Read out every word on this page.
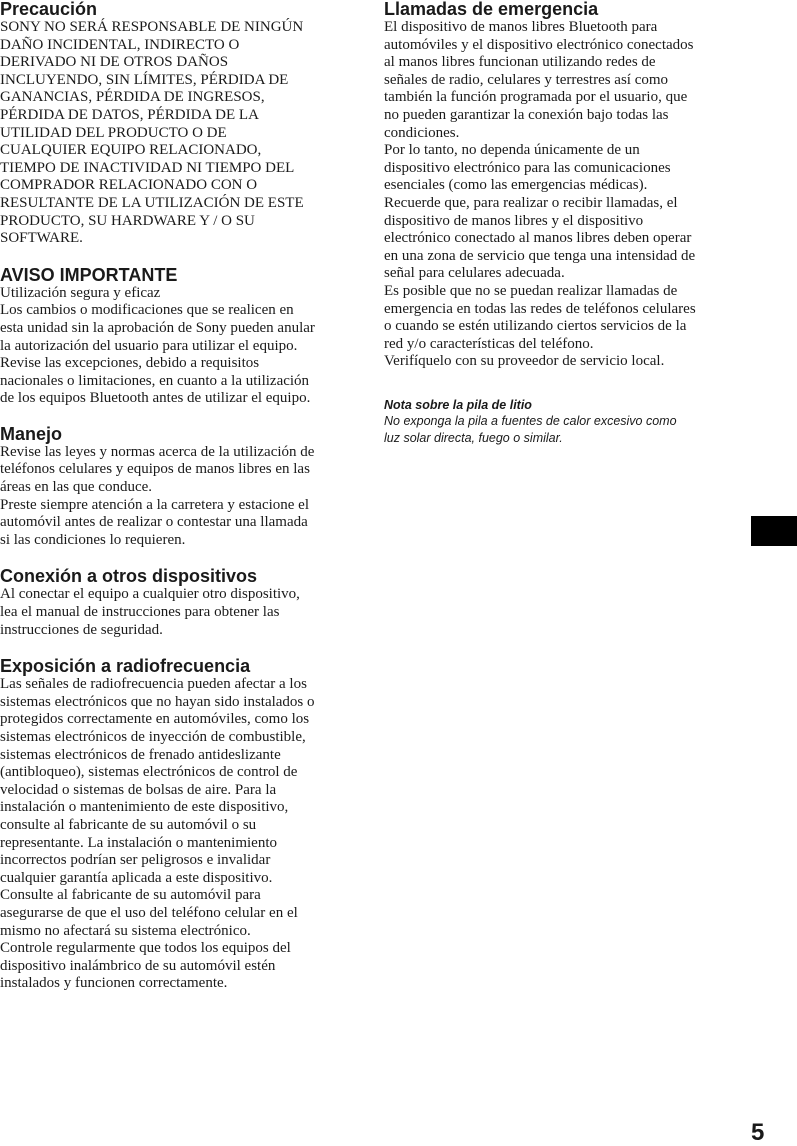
Precaución

SONY NO SERÁ RESPONSABLE DE NINGÚN
DAÑO INCIDENTAL, INDIRECTO O
DERIVADO NI DE OTROS DAÑOS
INCLUYENDO, SIN LÍMITES, PÉRDIDA DE
GANANCIAS, PÉRDIDA DE INGRESOS,
PÉRDIDA DE DATOS, PÉRDIDA DE LA
UTILIDAD DEL PRODUCTO O DE
CUALQUIER EQUIPO RELACIONADO,
TIEMPO DE INACTIVIDAD NI TIEMPO DEL
COMPRADOR RELACIONADO CON O
RESULTANTE DE LA UTILIZACIÓN DE ESTE
PRODUCTO, SU HARDWARE Y / O SU
SOFTWARE.

AVISO IMPORTANTE

Utilización segura y eficaz
Los cambios o modificaciones que se realicen en
esta unidad sin la aprobación de Sony pueden anular
la autorización del usuario para utilizar el equipo.
Revise las excepciones, debido a requisitos
nacionales o limitaciones, en cuanto a la utilización
de los equipos Bluetooth antes de utilizar el equipo.

Manejo

Revise las leyes y normas acerca de la utilización de
teléfonos celulares y equipos de manos libres en las
áreas en las que conduce.
Preste siempre atención a la carretera y estacione el
automóvil antes de realizar o contestar una llamada
si las condiciones lo requieren.

Conexión a otros dispositivos

Al conectar el equipo a cualquier otro dispositivo,
lea el manual de instrucciones para obtener las
instrucciones de seguridad.

Exposición a radiofrecuencia

Las señales de radiofrecuencia pueden afectar a los
sistemas electrónicos que no hayan sido instalados o
protegidos correctamente en automóviles, como los
sistemas electrónicos de inyección de combustible,
sistemas electrónicos de frenado antideslizante
(antibloqueo), sistemas electrónicos de control de
velocidad o sistemas de bolsas de aire. Para la
instalación o mantenimiento de este dispositivo,
consulte al fabricante de su automóvil o su
representante. La instalación o mantenimiento
incorrectos podrían ser peligrosos e invalidar
cualquier garantía aplicada a este dispositivo.
Consulte al fabricante de su automóvil para
asegurarse de que el uso del teléfono celular en el
mismo no afectará su sistema electrónico.
Controle regularmente que todos los equipos del
dispositivo inalámbrico de su automóvil estén
instalados y funcionen correctamente.

Llamadas de emergencia

El dispositivo de manos libres Bluetooth para
automóviles y el dispositivo electrónico conectados
al manos libres funcionan utilizando redes de
señales de radio, celulares y terrestres así como
también la función programada por el usuario, que
no pueden garantizar la conexión bajo todas las
condiciones.
Por lo tanto, no dependa únicamente de un
dispositivo electrónico para las comunicaciones
esenciales (como las emergencias médicas).
Recuerde que, para realizar o recibir llamadas, el
dispositivo de manos libres y el dispositivo
electrónico conectado al manos libres deben operar
en una zona de servicio que tenga una intensidad de
señal para celulares adecuada.
Es posible que no se puedan realizar llamadas de
emergencia en todas las redes de teléfonos celulares
o cuando se estén utilizando ciertos servicios de la
red y/o características del teléfono.
Verifíquelo con su proveedor de servicio local.

Nota sobre la pila de litio
No exponga la pila a fuentes de calor excesivo como
luz solar directa, fuego o similar.
5
